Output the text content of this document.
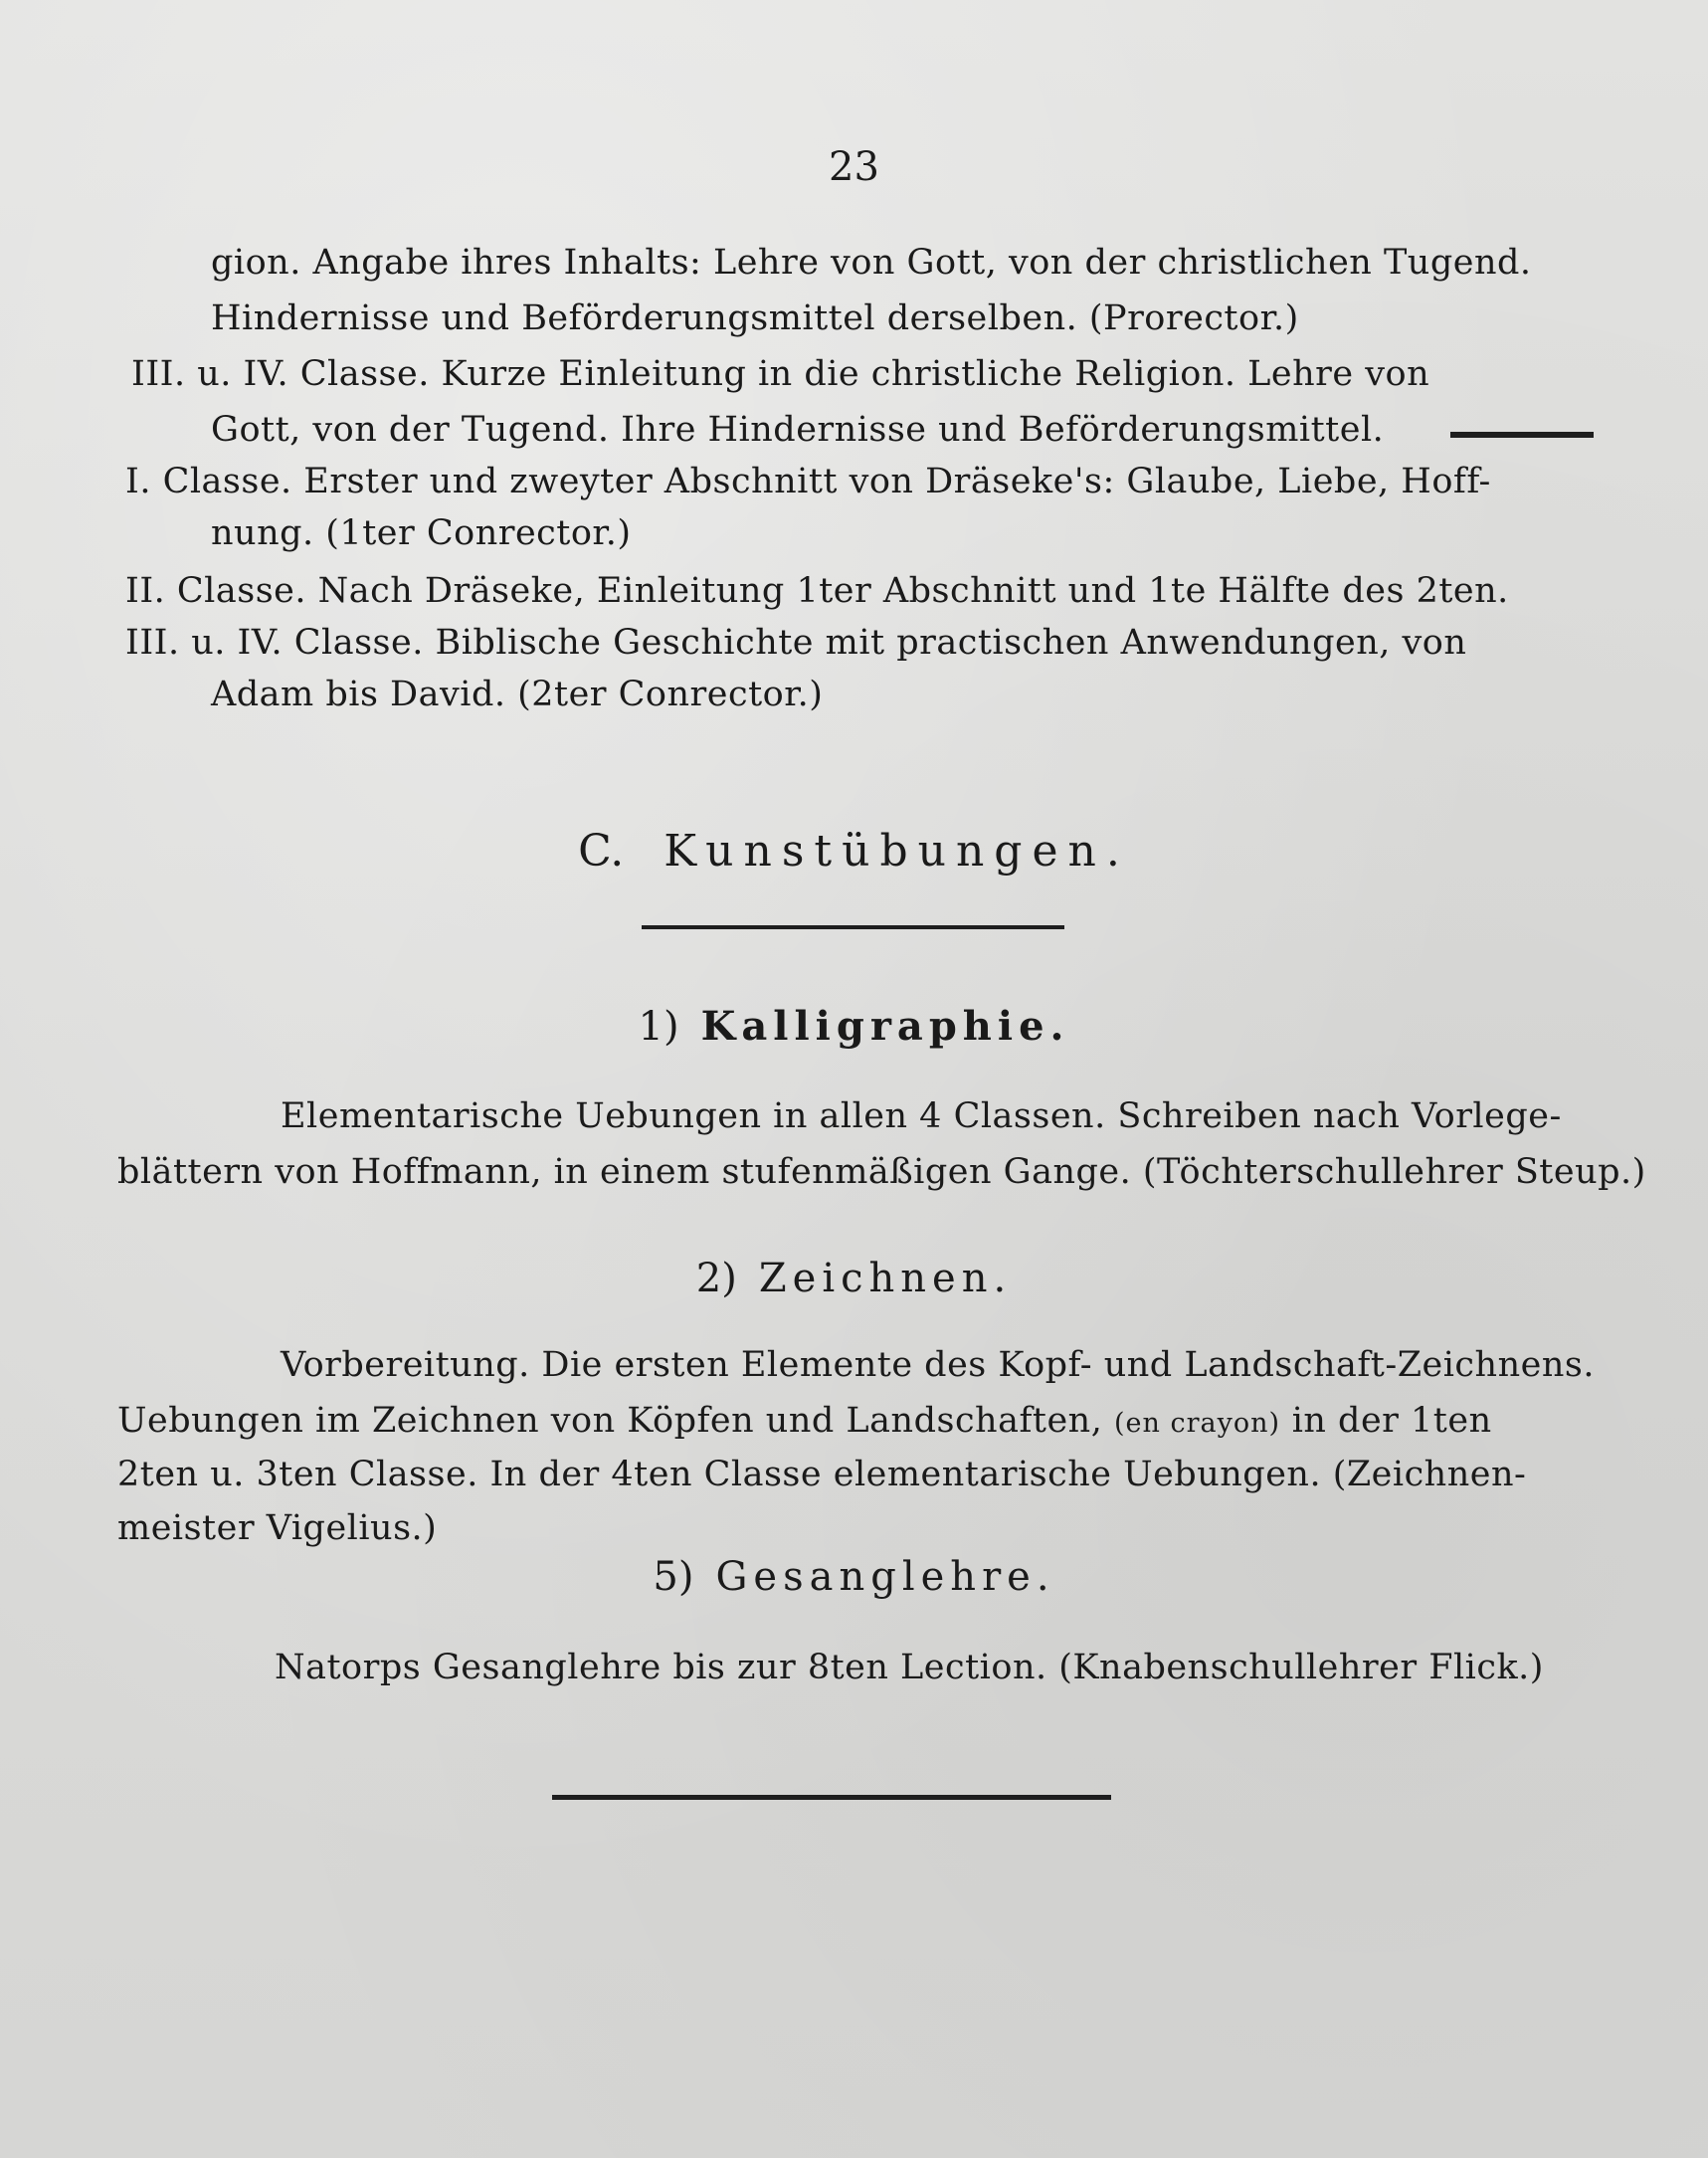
23
gion. Angabe ihres Inhalts: Lehre von Gott, von der christlichen Tugend.
Hindernisse und Beförderungsmittel derselben. (Prorector.)
III. u. IV. Classe. Kurze Einleitung in die christliche Religion. Lehre von
Gott, von der Tugend. Ihre Hindernisse und Beförderungsmittel.
I. Classe. Erster und zweyter Abschnitt von Dräseke's: Glaube, Liebe, Hoff-
nung. (1ter Conrector.)
II. Classe. Nach Dräseke, Einleitung 1ter Abschnitt und 1te Hälfte des 2ten.
III. u. IV. Classe. Biblische Geschichte mit practischen Anwendungen, von
Adam bis David. (2ter Conrector.)
C. Kunstübungen.
1) Kalligraphie.
Elementarische Uebungen in allen 4 Classen. Schreiben nach Vorlege-
blättern von Hoffmann, in einem stufenmäßigen Gange. (Töchterschullehrer Steup.)
2) Zeichnen.
Vorbereitung. Die ersten Elemente des Kopf- und Landschaft-Zeichnens.
Uebungen im Zeichnen von Köpfen und Landschaften, (en crayon) in der 1ten
2ten u. 3ten Classe. In der 4ten Classe elementarische Uebungen. (Zeichnen-
meister Vigelius.)
5) Gesanglehre.
Natorps Gesanglehre bis zur 8ten Lection. (Knabenschullehrer Flick.)
